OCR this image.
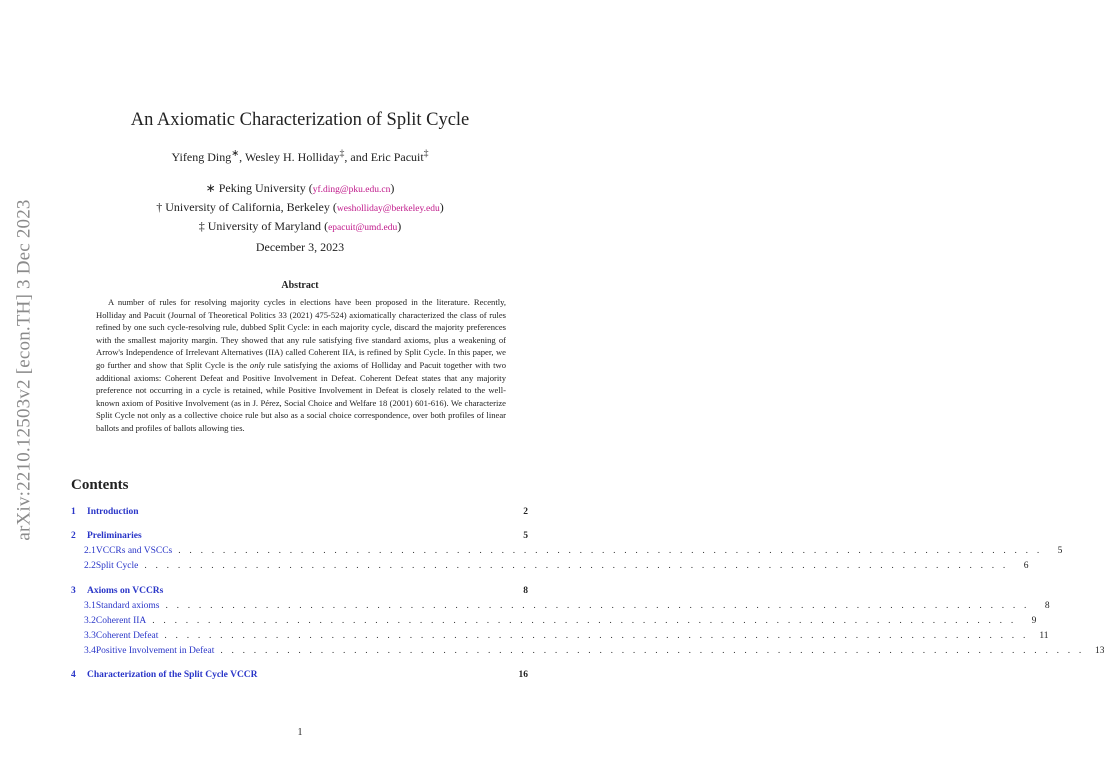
arXiv:2210.12503v2 [econ.TH] 3 Dec 2023
An Axiomatic Characterization of Split Cycle
Yifeng Ding∗, Wesley H. Holliday‡, and Eric Pacuit‡
∗ Peking University (yf.ding@pku.edu.cn)
† University of California, Berkeley (wesholliday@berkeley.edu)
‡ University of Maryland (epacuit@umd.edu)
December 3, 2023
Abstract
A number of rules for resolving majority cycles in elections have been proposed in the literature. Recently, Holliday and Pacuit (Journal of Theoretical Politics 33 (2021) 475-524) axiomatically characterized the class of rules refined by one such cycle-resolving rule, dubbed Split Cycle: in each majority cycle, discard the majority preferences with the smallest majority margin. They showed that any rule satisfying five standard axioms, plus a weakening of Arrow's Independence of Irrelevant Alternatives (IIA) called Coherent IIA, is refined by Split Cycle. In this paper, we go further and show that Split Cycle is the only rule satisfying the axioms of Holliday and Pacuit together with two additional axioms: Coherent Defeat and Positive Involvement in Defeat. Coherent Defeat states that any majority preference not occurring in a cycle is retained, while Positive Involvement in Defeat is closely related to the well-known axiom of Positive Involvement (as in J. Pérez, Social Choice and Welfare 18 (2001) 601-616). We characterize Split Cycle not only as a collective choice rule but also as a social choice correspondence, over both profiles of linear ballots and profiles of ballots allowing ties.
Contents
1	Introduction	2
2	Preliminaries	5
2.1 VCCRs and VSCCs . . . . . . . . . . . . . . . . . . . . . . . . . . . . . . . . . . . . . . . . . . . . . . . . . . . . . . . . . . . . . . . . . . . . . . . . . . . . . .	5
2.2 Split Cycle . . . . . . . . . . . . . . . . . . . . . . . . . . . . . . . . . . . . . . . . . . . . . . . . . . . . . . . . . . . . . . . . . . . . . . . . . . . . . .	6
3	Axioms on VCCRs	8
3.1 Standard axioms . . . . . . . . . . . . . . . . . . . . . . . . . . . . . . . . . . . . . . . . . . . . . . . . . . . . . . . . . . . . . . . . . . . . . . . . . . . . . .	8
3.2 Coherent IIA . . . . . . . . . . . . . . . . . . . . . . . . . . . . . . . . . . . . . . . . . . . . . . . . . . . . . . . . . . . . . . . . . . . . . . . . . . . . . .	9
3.3 Coherent Defeat . . . . . . . . . . . . . . . . . . . . . . . . . . . . . . . . . . . . . . . . . . . . . . . . . . . . . . . . . . . . . . . . . . . . . . . . . . . . . .	11
3.4 Positive Involvement in Defeat . . . . . . . . . . . . . . . . . . . . . . . . . . . . . . . . . . . . . . . . . . . . . . . . . . . . . . . . . . . . . . . . . . . . . . . . . . . . . .	13
4	Characterization of the Split Cycle VCCR	16
1
